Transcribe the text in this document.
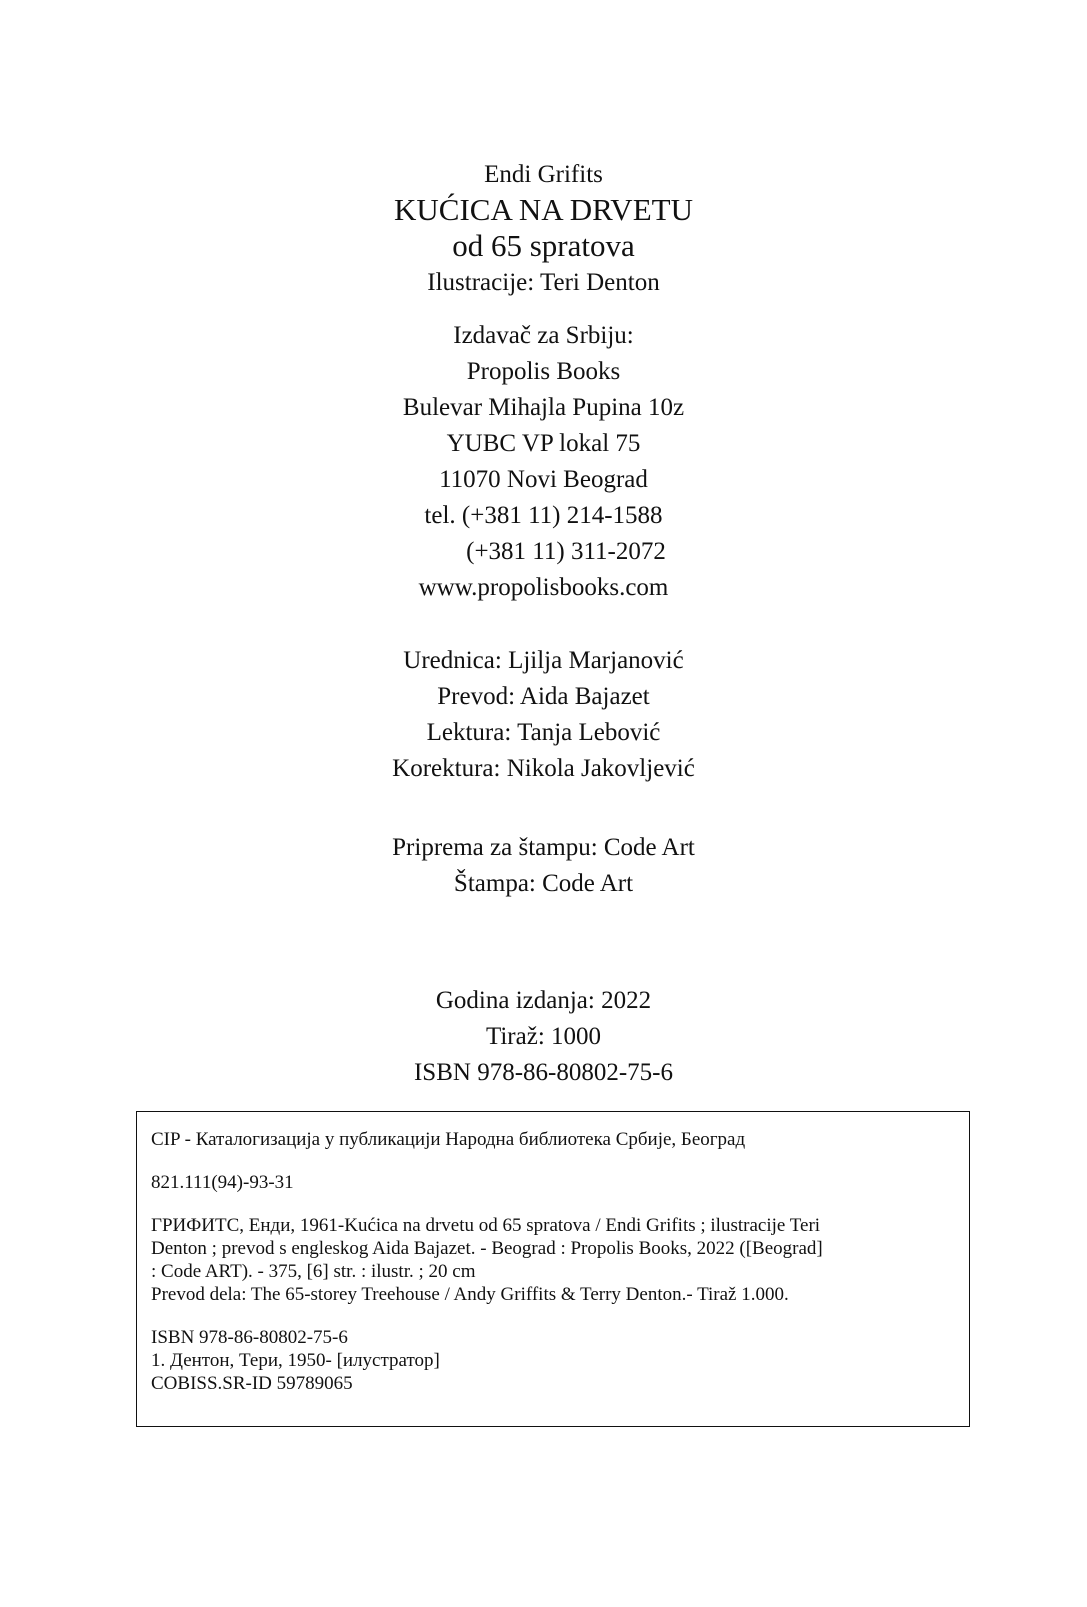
Endi Grifits
KUĆICA NA DRVETU
od 65 spratova
Ilustracije: Teri Denton
Izdavač za Srbiju:
Propolis Books
Bulevar Mihajla Pupina 10z
YUBC VP lokal 75
11070 Novi Beograd
tel. (+381 11) 214-1588
(+381 11) 311-2072
www.propolisbooks.com
Urednica: Ljilja Marjanović
Prevod: Aida Bajazet
Lektura: Tanja Lebović
Korektura: Nikola Jakovljević
Priprema za štampu: Code Art
Štampa: Code Art
Godina izdanja: 2022
Tiraž: 1000
ISBN 978-86-80802-75-6
CIP - Каталогизација у публикацији Народна библиотека Србије, Београд
821.111(94)-93-31
ГРИФИТС, Енди, 1961-Kućica na drvetu od 65 spratova / Endi Grifits ; ilustracije Teri
Denton ; prevod s engleskog Aida Bajazet. - Beograd : Propolis Books, 2022 ([Beograd]
: Code ART). - 375, [6] str. : ilustr. ; 20 cm
Prevod dela: The 65-storey Treehouse / Andy Griffits & Terry Denton.- Tiraž 1.000.
ISBN 978-86-80802-75-6
1. Дентон, Тери, 1950- [илустратор]
COBISS.SR-ID 59789065
